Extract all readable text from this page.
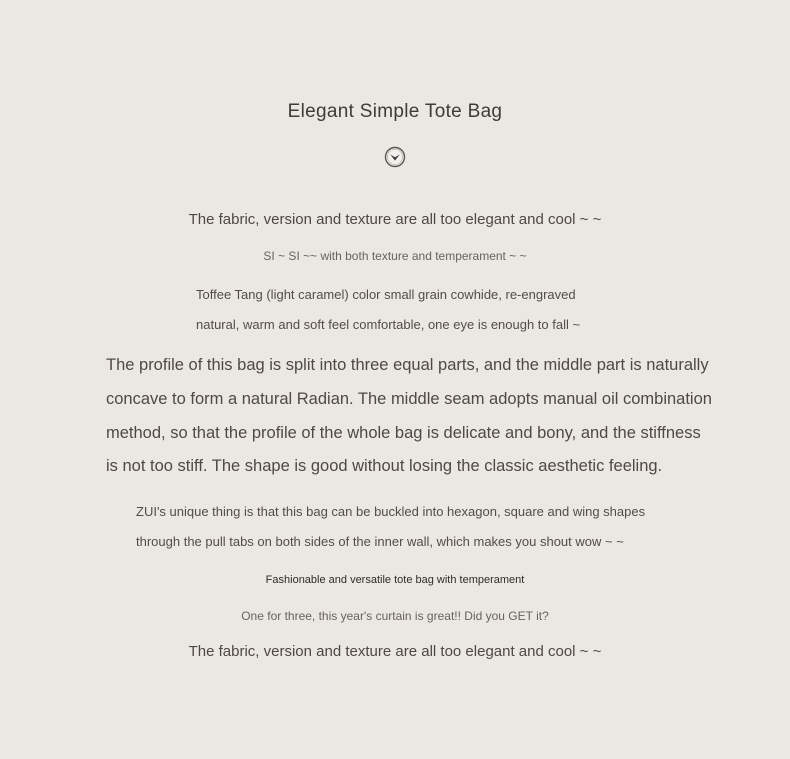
Elegant Simple Tote Bag
The fabric, version and texture are all too elegant and cool ~ ~
SI ~ SI ~~ with both texture and temperament ~ ~
Toffee Tang (light caramel) color small grain cowhide, re-engraved
natural, warm and soft feel comfortable, one eye is enough to fall ~
The profile of this bag is split into three equal parts, and the middle part is naturally
concave to form a natural Radian. The middle seam adopts manual oil combination
method, so that the profile of the whole bag is delicate and bony, and the stiffness
is not too stiff. The shape is good without losing the classic aesthetic feeling.
ZUI's unique thing is that this bag can be buckled into hexagon, square and wing shapes
through the pull tabs on both sides of the inner wall, which makes you shout wow ~ ~
Fashionable and versatile tote bag with temperament
One for three, this year's curtain is great!! Did you GET it?
The fabric, version and texture are all too elegant and cool ~ ~
